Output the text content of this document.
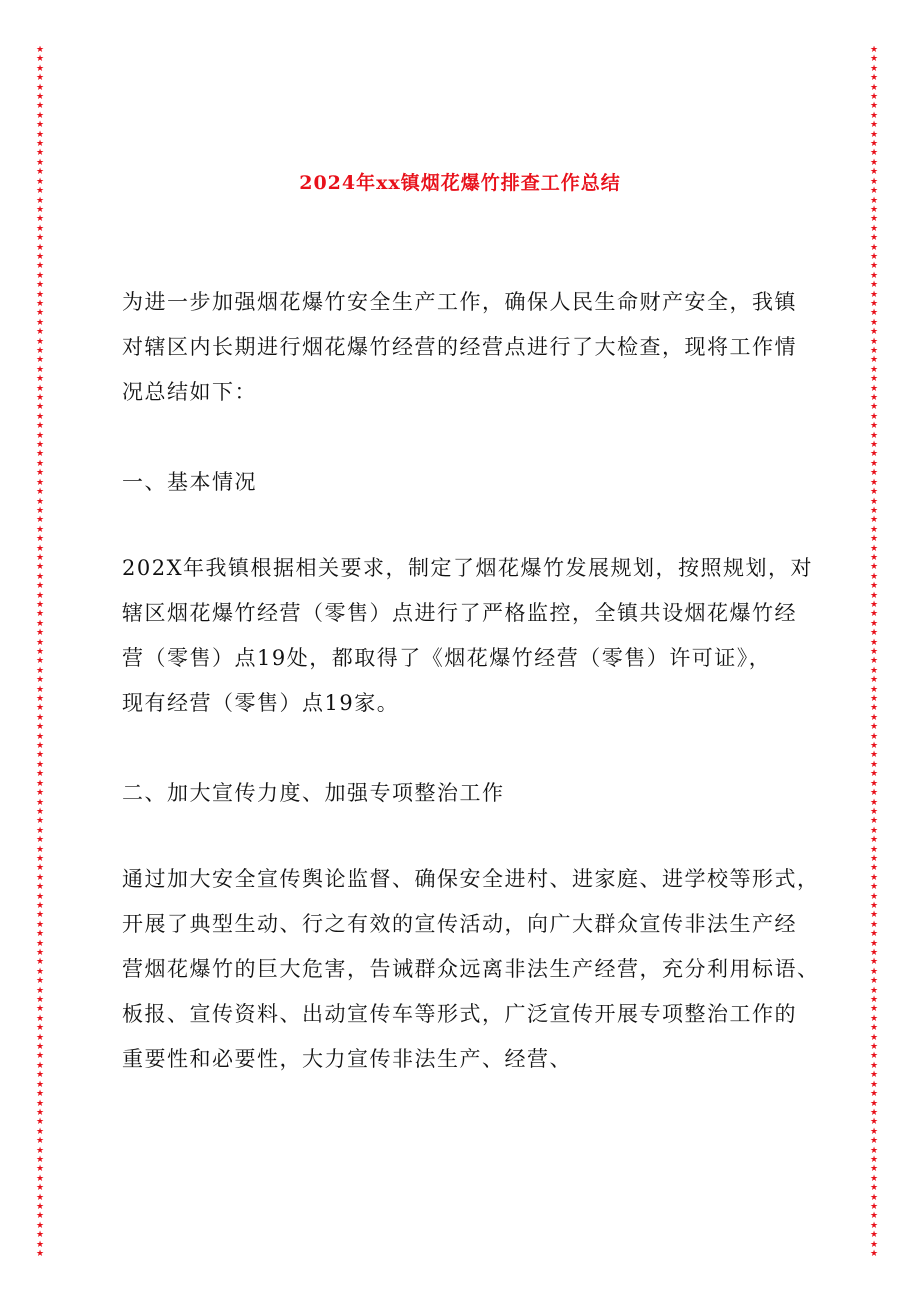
★
★
★
★
★
★
★
★
★
★
★
★
★
★
★
★
★
★
★
★
★
★
★
★
★
★
★
★
★
★
★
★
★
★
★
★
★
★
★
★
★
★
★
★
★
★
★
★
★
★
★
★
★
★
★
★
★
★
★
★
★
★
★
★
★
★
★
★
★
★
★
★
★
★
★
★
★
★
★
★
★
★
★
★
★
★
★
★
★
★
★
★
★
★
★
★
★
★
★
★
★
★
★
★
★
★
★
★
★
★
★
★
★
★
★
★
★
★
★
★
★
★
★
★
★
★
★
★
★
★
★
★
★
★
★
★
★
★
★
★
★
★
★
★
★
★
★
★
★
★
★
★
★
★
★
★
★
★
★
★
★
★
★
★
★
★
★
★
★
★
★
★
★
★
★
★
★
★
★
★
★
★
★
★
★
★
★
★
★
★
★
★
★
★
★
★
★
★
★
★
★
★
★
★
★
★
★
★
★
★
★
★
★
★
★
★
★
★
★
★
★
★
★
★
★
★
★
★
★
★
★
★
★
★
★
★
★
★
★
★
★
★
★
★
★
★
★
★
★
★
★
★
★
★
★
★
★
★
2024年xx镇烟花爆竹排查工作总结
为进一步加强烟花爆竹安全生产工作，确保人民生命财产安全，我镇
对辖区内长期进行烟花爆竹经营的经营点进行了大检查，现将工作情
况总结如下：
一、基本情况
202X年我镇根据相关要求，制定了烟花爆竹发展规划，按照规划，对
辖区烟花爆竹经营（零售）点进行了严格监控，全镇共设烟花爆竹经
营（零售）点19处，都取得了《烟花爆竹经营（零售）许可证》，
现有经营（零售）点19家。
二、加大宣传力度、加强专项整治工作
通过加大安全宣传舆论监督、确保安全进村、进家庭、进学校等形式，
开展了典型生动、行之有效的宣传活动，向广大群众宣传非法生产经
营烟花爆竹的巨大危害，告诫群众远离非法生产经营，充分利用标语、
板报、宣传资料、出动宣传车等形式，广泛宣传开展专项整治工作的
重要性和必要性，大力宣传非法生产、经营、
